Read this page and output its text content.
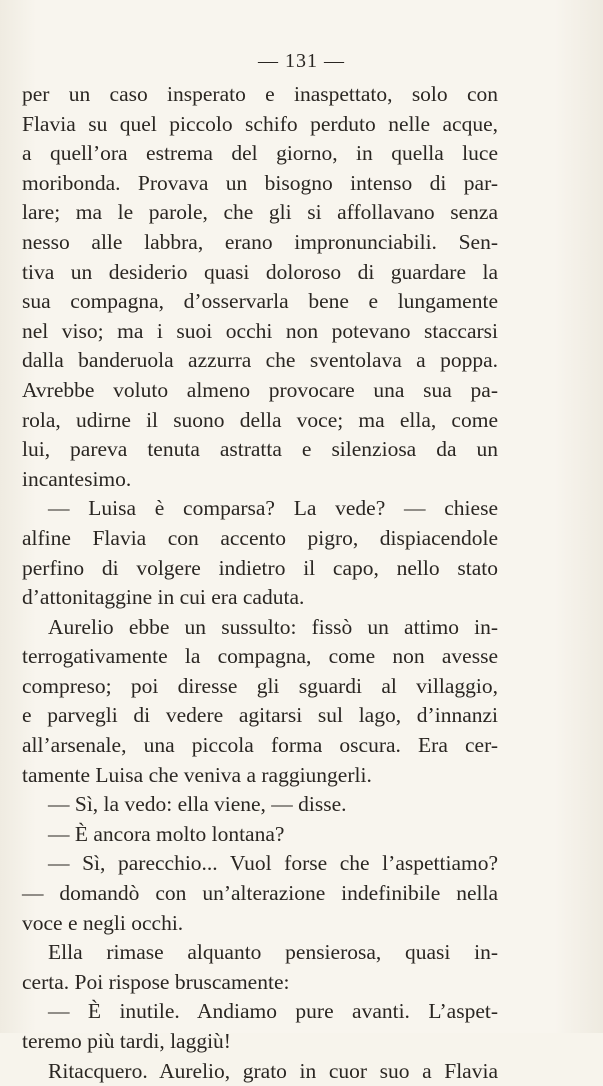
— 131 —
per un caso insperato e inaspettato, solo con
Flavia su quel piccolo schifo perduto nelle acque,
a quell’ora estrema del giorno, in quella luce
moribonda. Provava un bisogno intenso di par-
lare; ma le parole, che gli si affollavano senza
nesso alle labbra, erano impronunciabili. Sen-
tiva un desiderio quasi doloroso di guardare la
sua compagna, d’osservarla bene e lungamente
nel viso; ma i suoi occhi non potevano staccarsi
dalla banderuola azzurra che sventolava a poppa.
Avrebbe voluto almeno provocare una sua pa-
rola, udirne il suono della voce; ma ella, come
lui, pareva tenuta astratta e silenziosa da un
incantesimo.
— Luisa è comparsa? La vede? — chiese
alfine Flavia con accento pigro, dispiacendole
perfino di volgere indietro il capo, nello stato
d’attonitaggine in cui era caduta.
Aurelio ebbe un sussulto: fissò un attimo in-
terrogativamente la compagna, come non avesse
compreso; poi diresse gli sguardi al villaggio,
e parvegli di vedere agitarsi sul lago, d’innanzi
all’arsenale, una piccola forma oscura. Era cer-
tamente Luisa che veniva a raggiungerli.
— Sì, la vedo: ella viene, — disse.
— È ancora molto lontana?
— Sì, parecchio... Vuol forse che l’aspettiamo?
— domandò con un’alterazione indefinibile nella
voce e negli occhi.
Ella rimase alquanto pensierosa, quasi in-
certa. Poi rispose bruscamente:
— È inutile. Andiamo pure avanti. L’aspet-
teremo più tardi, laggiù!
Ritacquero. Aurelio, grato in cuor suo a Flavia
